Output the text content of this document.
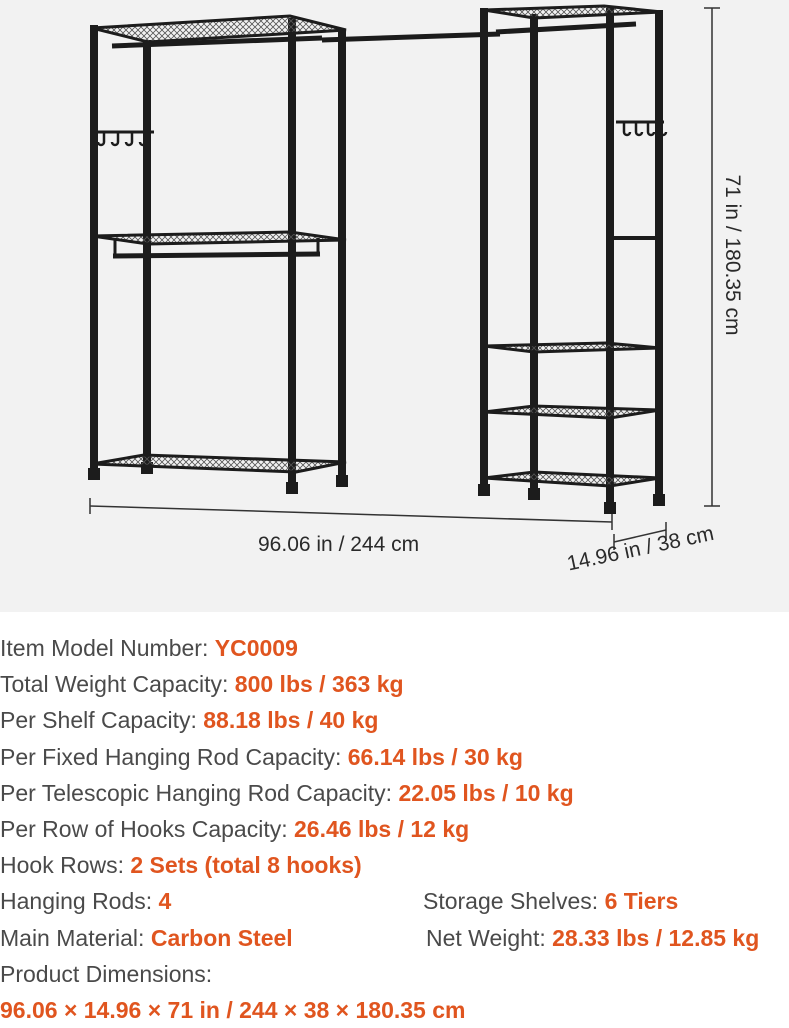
96.06 in / 244 cm	14.96 in / 38 cm
71 in / 180.35 cm
Item Model Number: YC0009
Total Weight Capacity: 800 lbs / 363 kg
Per Shelf Capacity: 88.18 lbs / 40 kg
Per Fixed Hanging Rod Capacity: 66.14 lbs / 30 kg
Per Telescopic Hanging Rod Capacity: 22.05 lbs / 10 kg
Per Row of Hooks Capacity: 26.46 lbs / 12 kg
Hook Rows: 2 Sets (total 8 hooks)
Hanging Rods: 4	Storage Shelves: 6 Tiers
Main Material: Carbon Steel	Net Weight: 28.33 lbs / 12.85 kg
Product Dimensions:
96.06 × 14.96 × 71 in / 244 × 38 × 180.35 cm
